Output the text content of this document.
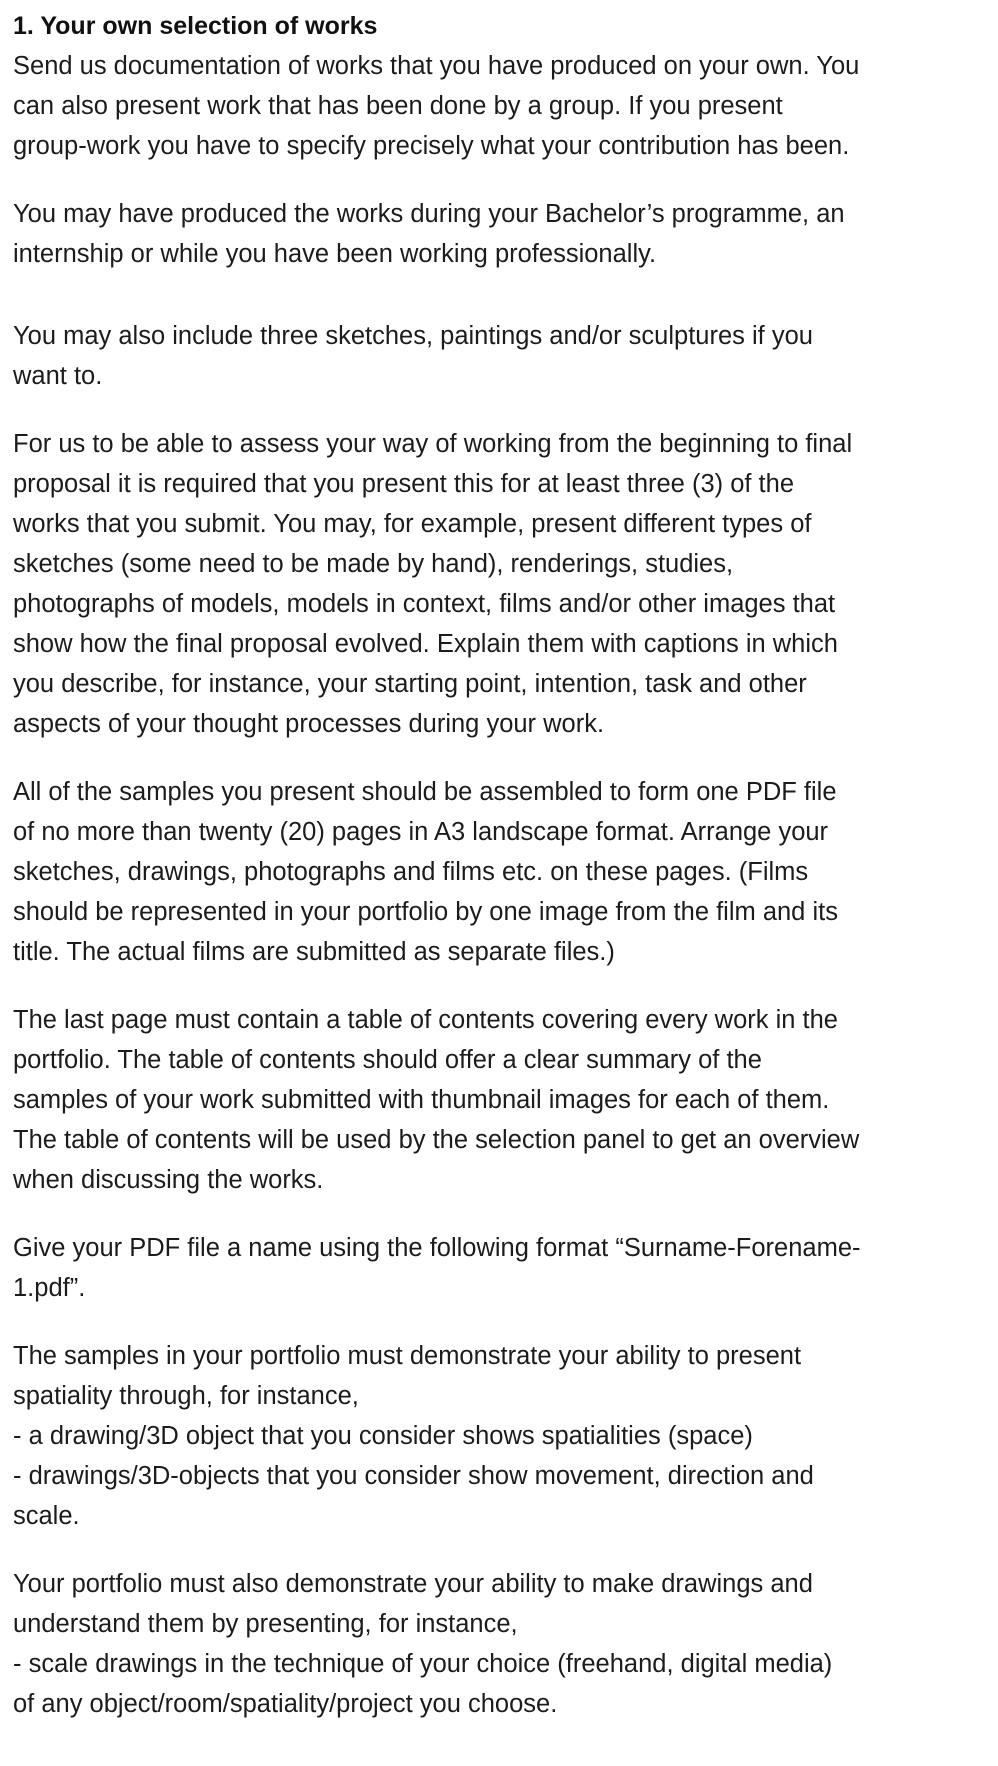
1. Your own selection of works

Send us documentation of works that you have produced on your own. You
can also present work that has been done by a group. If you present
group-work you have to specify precisely what your contribution has been.

You may have produced the works during your Bachelor’s programme, an
internship or while you have been working professionally.

You may also include three sketches, paintings and/or sculptures if you
want to.

For us to be able to assess your way of working from the beginning to final
proposal it is required that you present this for at least three (3) of the
works that you submit. You may, for example, present different types of
sketches (some need to be made by hand), renderings, studies,
photographs of models, models in context, films and/or other images that
show how the final proposal evolved. Explain them with captions in which
you describe, for instance, your starting point, intention, task and other
aspects of your thought processes during your work.

All of the samples you present should be assembled to form one PDF file
of no more than twenty (20) pages in A3 landscape format. Arrange your
sketches, drawings, photographs and films etc. on these pages. (Films
should be represented in your portfolio by one image from the film and its
title. The actual films are submitted as separate files.)

The last page must contain a table of contents covering every work in the
portfolio. The table of contents should offer a clear summary of the
samples of your work submitted with thumbnail images for each of them.
The table of contents will be used by the selection panel to get an overview
when discussing the works.

Give your PDF file a name using the following format “Surname-Forename-
1.pdf”.

The samples in your portfolio must demonstrate your ability to present
spatiality through, for instance,
- a drawing/3D object that you consider shows spatialities (space)
- drawings/3D-objects that you consider show movement, direction and
scale.

Your portfolio must also demonstrate your ability to make drawings and
understand them by presenting, for instance,
- scale drawings in the technique of your choice (freehand, digital media)
of any object/room/spatiality/project you choose.
